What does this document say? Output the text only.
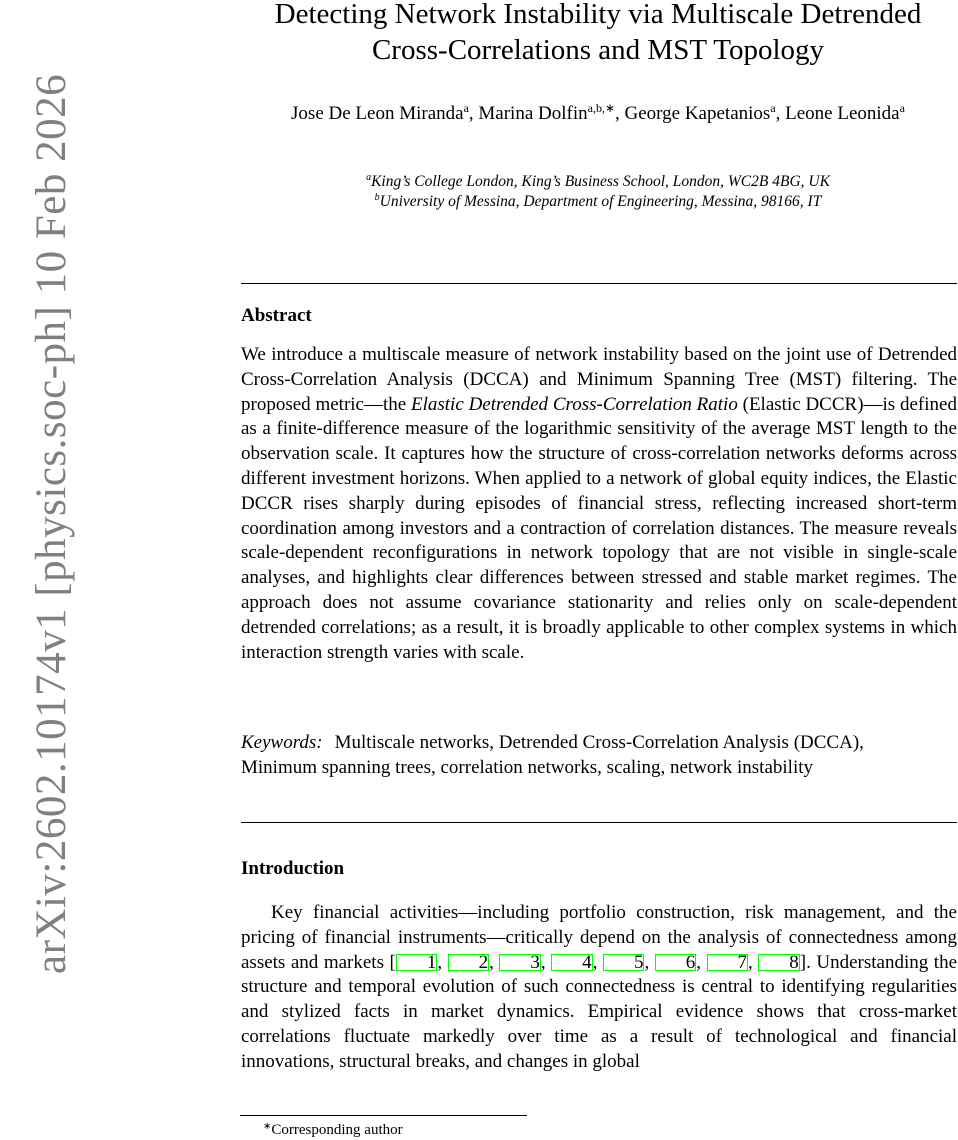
arXiv:2602.10174v1 [physics.soc-ph] 10 Feb 2026
Detecting Network Instability via Multiscale Detrended Cross-Correlations and MST Topology
Jose De Leon Miranda$^a$, Marina Dolfin$^{a,b,∗}$, George Kapetanios$^a$, Leone Leonida$^a$
$^a$King’s College London, King’s Business School, London, WC2B 4BG, UK
$^b$University of Messina, Department of Engineering, Messina, 98166, IT
Abstract
We introduce a multiscale measure of network instability based on the joint use of Detrended Cross-Correlation Analysis (DCCA) and Minimum Spanning Tree (MST) filtering. The proposed metric—the Elastic Detrended Cross-Correlation Ratio (Elastic DCCR)—is defined as a finite-difference measure of the logarithmic sensitivity of the average MST length to the observation scale. It captures how the structure of cross-correlation networks deforms across different investment horizons. When applied to a network of global equity indices, the Elastic DCCR rises sharply during episodes of financial stress, reflecting increased short-term coordination among investors and a contraction of correlation distances. The measure reveals scale-dependent reconfigurations in network topology that are not visible in single-scale analyses, and highlights clear differences between stressed and stable market regimes. The approach does not assume covariance stationarity and relies only on scale-dependent detrended correlations; as a result, it is broadly applicable to other complex systems in which interaction strength varies with scale.
Keywords: Multiscale networks, Detrended Cross-Correlation Analysis (DCCA), Minimum spanning trees, correlation networks, scaling, network instability
Introduction
Key financial activities—including portfolio construction, risk management, and the pricing of financial instruments—critically depend on the analysis of connectedness among assets and markets [ 1, 2, 3, 4, 5, 6, 7, 8]. Understanding the structure and temporal evolution of such connectedness is central to identifying regularities and stylized facts in market dynamics. Empirical evidence shows that cross-market correlations fluctuate markedly over time as a result of technological and financial innovations, structural breaks, and changes in global
∗Corresponding author
